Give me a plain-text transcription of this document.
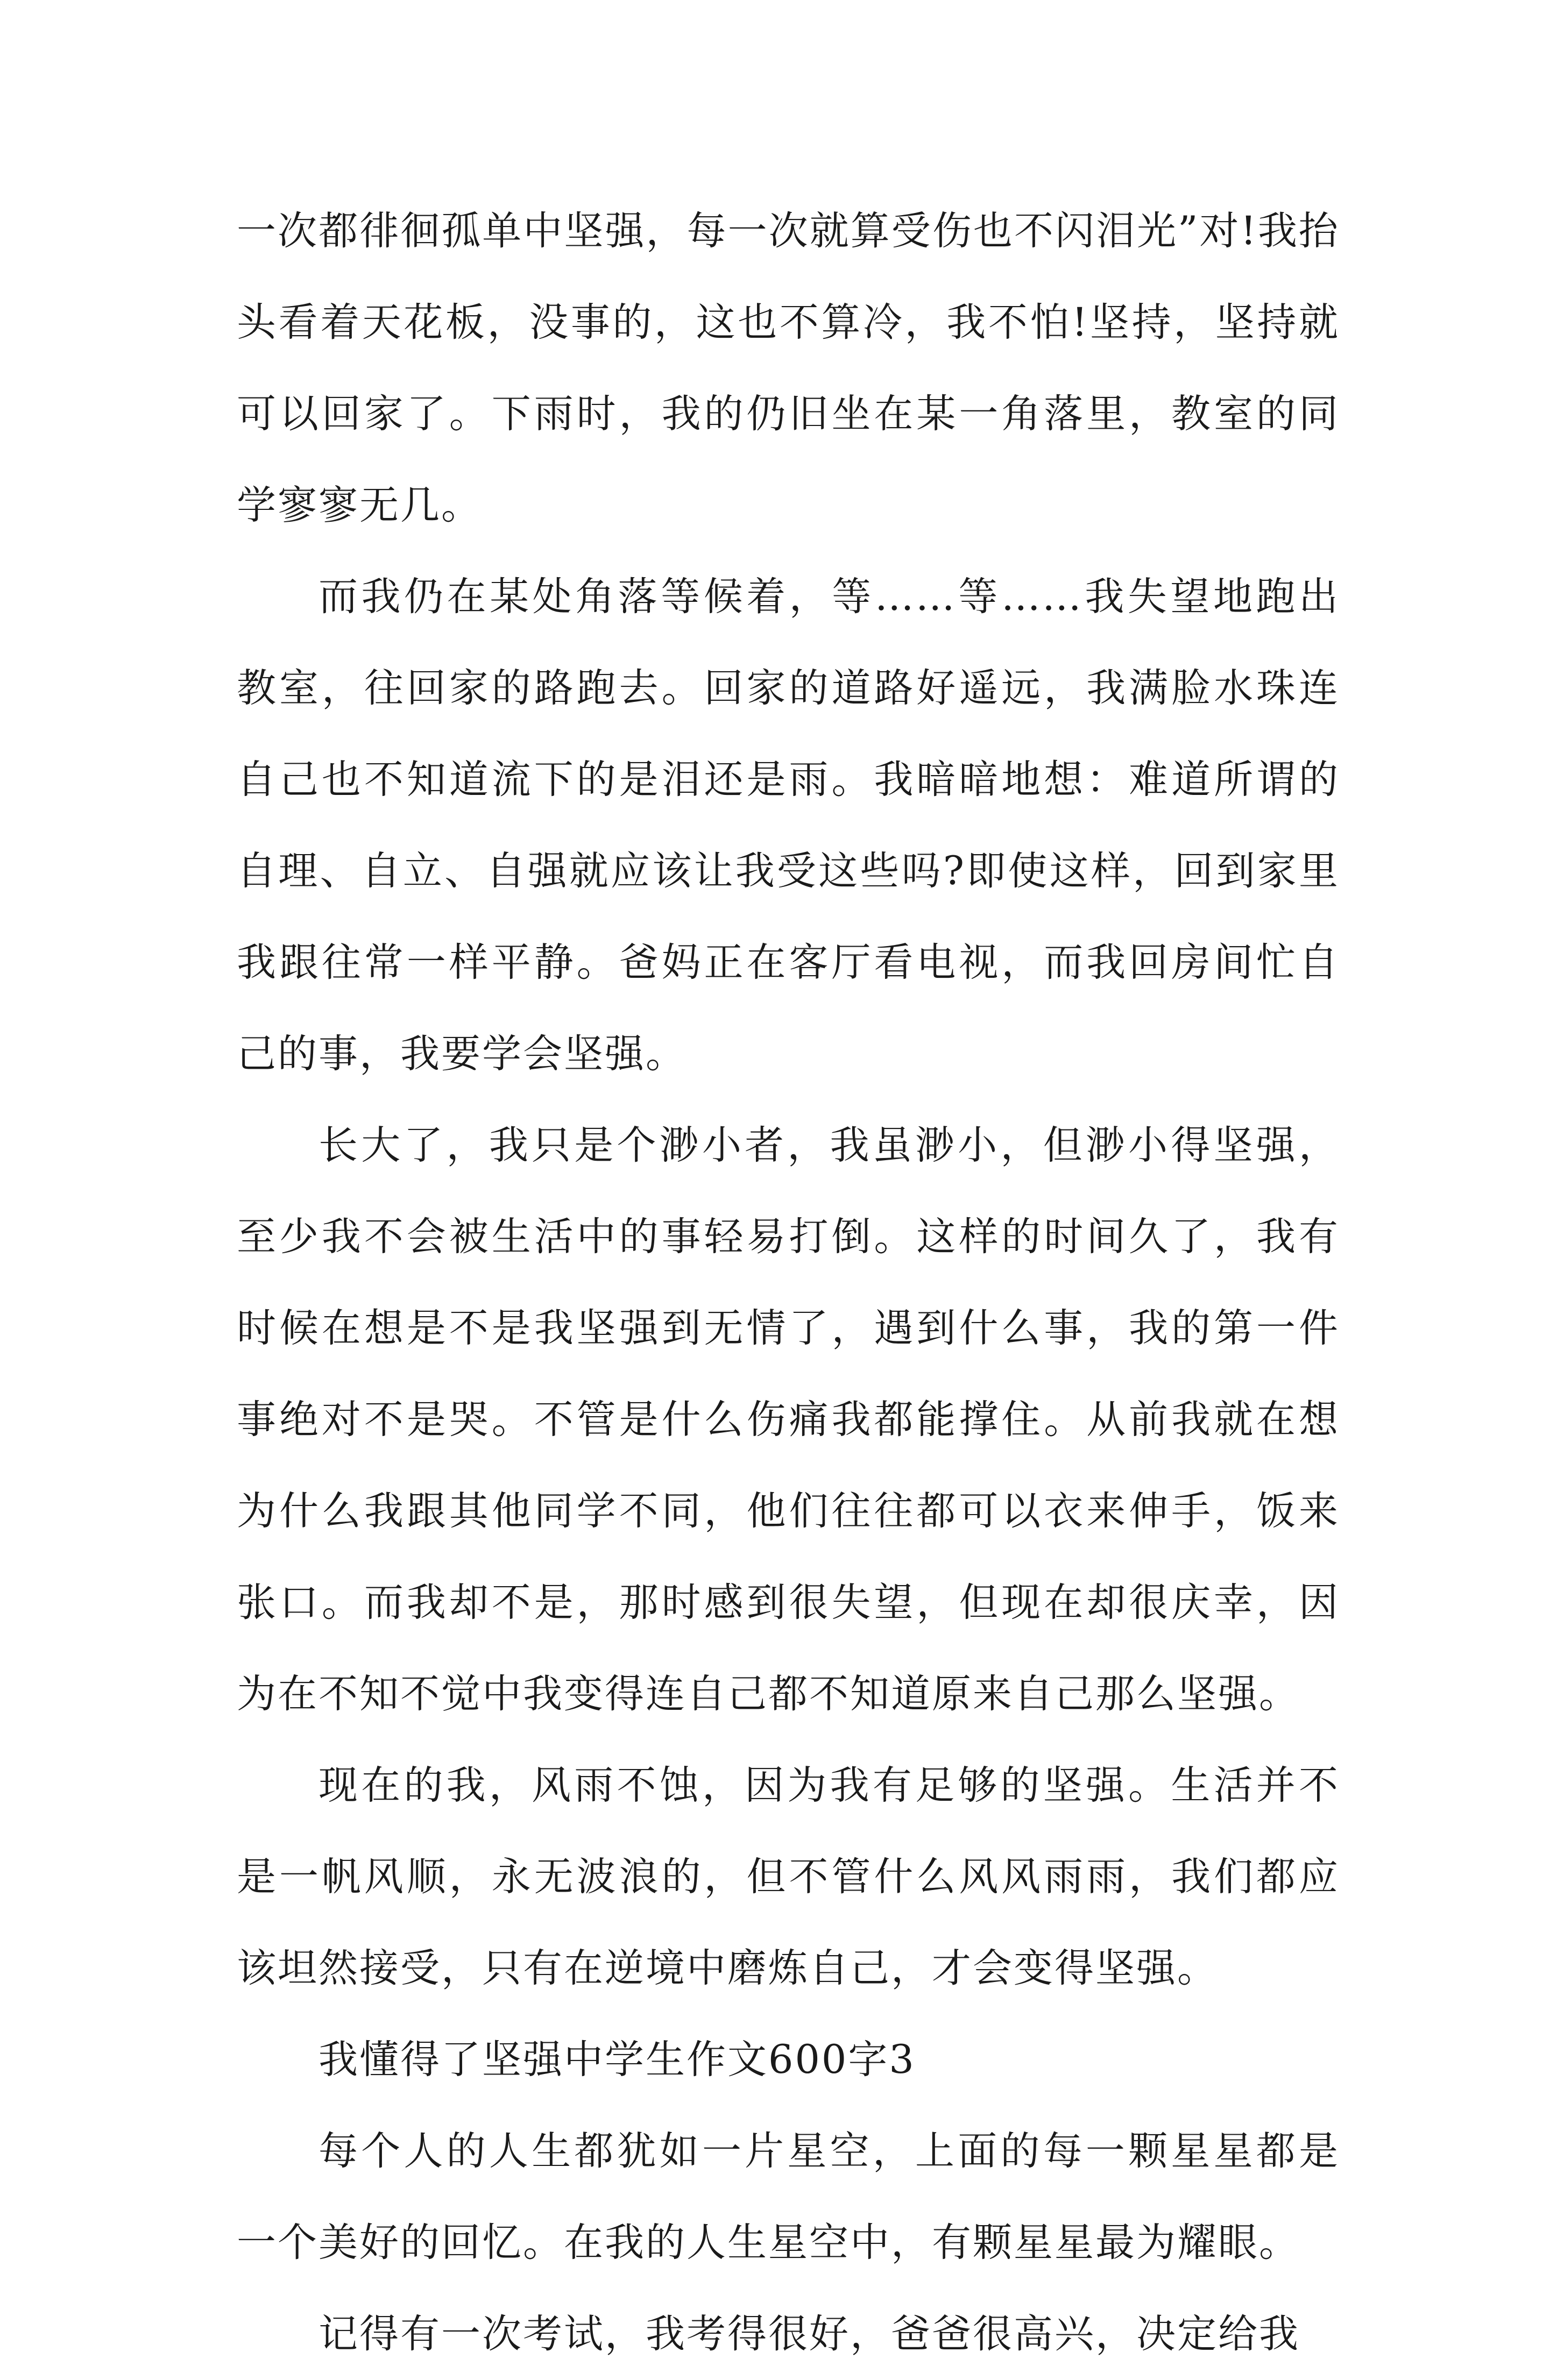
一次都徘徊孤单中坚强，每一次就算受伤也不闪泪光”对!我抬头看着天花板，没事的，这也不算冷，我不怕!坚持，坚持就可以回家了。下雨时，我的仍旧坐在某一角落里，教室的同学寥寥无几。

而我仍在某处角落等候着，等……等……我失望地跑出教室，往回家的路跑去。回家的道路好遥远，我满脸水珠连自己也不知道流下的是泪还是雨。我暗暗地想：难道所谓的自理、自立、自强就应该让我受这些吗?即使这样，回到家里我跟往常一样平静。爸妈正在客厅看电视，而我回房间忙自己的事，我要学会坚强。

长大了，我只是个渺小者，我虽渺小，但渺小得坚强，至少我不会被生活中的事轻易打倒。这样的时间久了，我有时候在想是不是我坚强到无情了，遇到什么事，我的第一件事绝对不是哭。不管是什么伤痛我都能撑住。从前我就在想为什么我跟其他同学不同，他们往往都可以衣来伸手，饭来张口。而我却不是，那时感到很失望，但现在却很庆幸，因为在不知不觉中我变得连自己都不知道原来自己那么坚强。

现在的我，风雨不蚀，因为我有足够的坚强。生活并不是一帆风顺，永无波浪的，但不管什么风风雨雨，我们都应该坦然接受，只有在逆境中磨炼自己，才会变得坚强。

我懂得了坚强中学生作文600字3

每个人的人生都犹如一片星空，上面的每一颗星星都是一个美好的回忆。在我的人生星空中，有颗星星最为耀眼。

记得有一次考试，我考得很好，爸爸很高兴，决定给我
